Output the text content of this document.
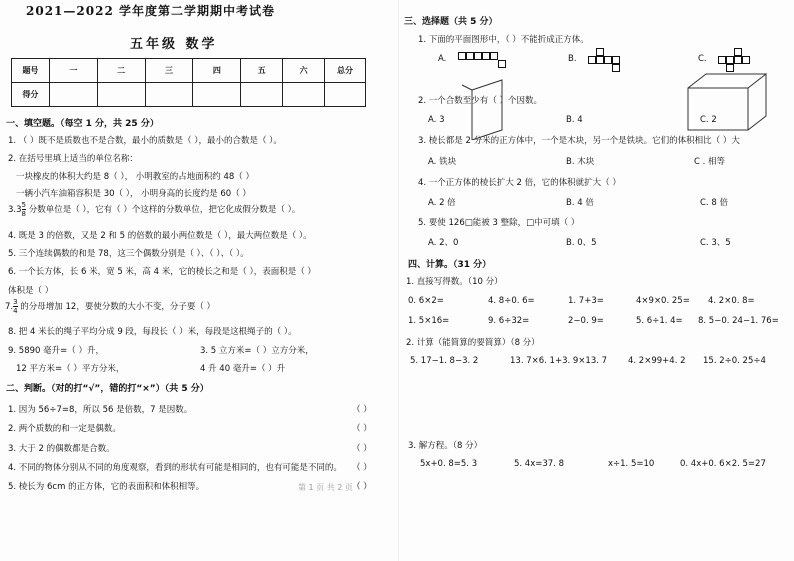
2021—2022 学年度第二学期期中考试卷
五年级 数学
题号	一	二	三	四	五	六	总分
得分							
一、填空题。（每空 1 分，共 25 分）
1. （ ）既不是质数也不是合数，最小的质数是（ ），最小的合数是（ ）。
2. 在括号里填上适当的单位名称：
一块橡皮的体积大约是 8（ ）， 小明教室的占地面积约 48（ ）
一辆小汽车油箱容积是 30（ ）， 小明身高的长度约是 60（ ）
$3.3 \frac{5}{8}$ 分数单位是（ ），它有（ ）个这样的分数单位，把它化成假分数是（ ）。
4. 既是 3 的倍数，又是 2 和 5 的倍数的最小两位数是（ ），最大两位数是（ ）。
5. 三个连续偶数的和是 78，这三个偶数分别是（ ）、（ ）、（ ）。
6. 一个长方体，长 6 米，宽 5 米，高 4 米，它的棱长之和是（ ），表面积是（ ）
体积是（ ）
7. $\frac{3}{4}$ 的分母增加 12，要使分数的大小不变，分子要（ ）
8. 把 4 米长的绳子平均分成 9 段，每段长（ ）米，每段是这根绳子的（ ）。
9. 5890 毫升=（ ）升，	3. 5 立方米=（ ）立方分米，
12 平方米=（ ）平方分米，	4 升 40 毫升=（ ）升
二、判断。（对的打“√”，错的打“×”）（共 5 分）
1. 因为 56÷7=8，所以 56 是倍数，7 是因数。	（ ）
2. 两个质数的和一定是偶数。	（ ）
3. 大于 2 的偶数都是合数。	（ ）
4. 不同的物体分别从不同的角度观察，看到的形状有可能是相同的，也有可能是不同的。 （ ）
5. 棱长为 6cm 的正方体，它的表面积和体积相等。	（ ）
第 1 页 共 2 页
三、选择题（共 5 分）
1. 下面的平面图形中，（ ）不能折成正方体。
A.	B.	C.
2. 一个合数至少有（ ）个因数。
A. 3	B. 4	C. 2
3. 棱长都是 2 分米的正方体中，一个是木块，另一个是铁块。它们的体积相比（ ）大
A. 铁块	B. 木块	C . 相等
4. 一个正方体的棱长扩大 2 倍，它的体积就扩大（ ）
A. 2 倍	B. 4 倍	C. 8 倍
5. 要使 126□能被 3 整除，□中可填（ ）
A. 2、0	B. 0、5	C. 3、5
四、计算。（31 分）
1. 直接写得数。（10 分）
0. 6×2=	4. 8÷0. 6=	1. 7+3=	4×9×0. 25= 4. 2×0. 8=
1. 5×16=	9. 6÷32=	2−0. 9=	5. 6÷1. 4= 8. 5−0. 24−1. 76=
2. 计算（能简算的要简算）（8 分）
5. 17−1. 8−3. 2	13. 7×6. 1+3. 9×13. 7 4. 2×99+4. 2 15. 2÷0. 25÷4
3. 解方程。（8 分）
5x+0. 8=5. 3	5. 4x=37. 8	x÷1. 5=10	0. 4x+0. 6×2. 5=27
